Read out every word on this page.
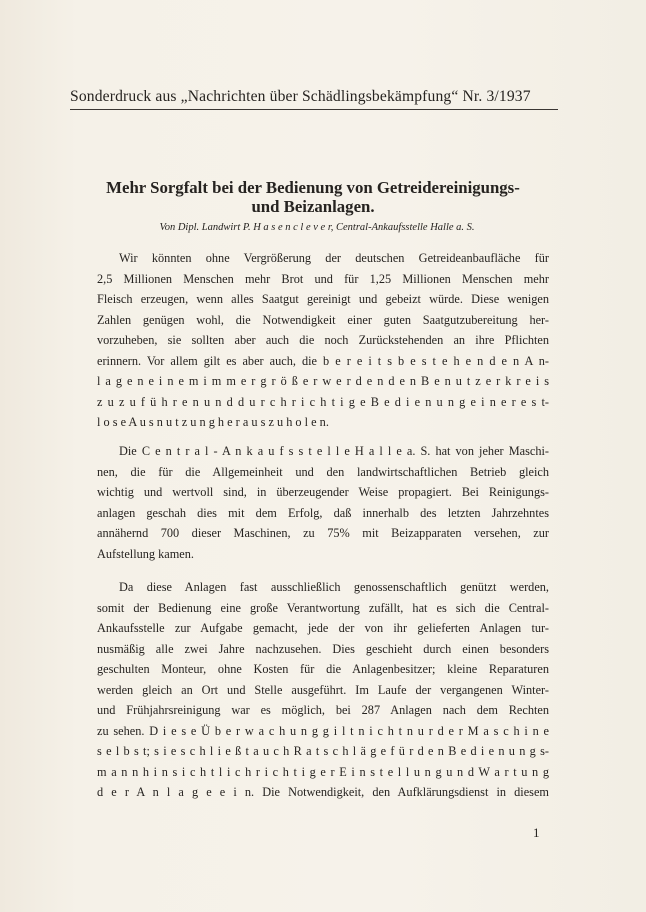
Sonderdruck aus „Nachrichten über Schädlingsbekämpfung“ Nr. 3/1937
Mehr Sorgfalt bei der Bedienung von Getreidereinigungs-
und Beizanlagen.
Von Dipl. Landwirt P. H a s e n c l e v e r, Central-Ankaufsstelle Halle a. S.
Wir könnten ohne Vergrößerung der deutschen Getreideanbaufläche für
2,5 Millionen Menschen mehr Brot und für 1,25 Millionen Menschen mehr
Fleisch erzeugen, wenn alles Saatgut gereinigt und gebeizt würde. Diese wenigen
Zahlen genügen wohl, die Notwendigkeit einer guten Saatgutzubereitung her-
vorzuheben, sie sollten aber auch die noch Zurückstehenden an ihre Pflichten
erinnern. Vor allem gilt es aber auch, die b e r e i t s b e s t e h e n d e n A n-
l a g e n e i n e m i m m e r g r ö ß e r w e r d e n d e n B e n u t z e r k r e i s
z u z u f ü h r e n u n d d u r c h r i c h t i g e B e d i e n u n g e i n e r e s t-
l o s e A u s n u t z u n g h e r a u s z u h o l e n.
Die C e n t r a l - A n k a u f s s t e l l e H a l l e a. S. hat von jeher Maschi-
nen, die für die Allgemeinheit und den landwirtschaftlichen Betrieb gleich
wichtig und wertvoll sind, in überzeugender Weise propagiert. Bei Reinigungs-
anlagen geschah dies mit dem Erfolg, daß innerhalb des letzten Jahrzehntes
annähernd 700 dieser Maschinen, zu 75% mit Beizapparaten versehen, zur
Aufstellung kamen.
Da diese Anlagen fast ausschließlich genossenschaftlich genützt werden,
somit der Bedienung eine große Verantwortung zufällt, hat es sich die Central-
Ankaufsstelle zur Aufgabe gemacht, jede der von ihr gelieferten Anlagen tur-
nusmäßig alle zwei Jahre nachzusehen. Dies geschieht durch einen besonders
geschulten Monteur, ohne Kosten für die Anlagenbesitzer; kleine Reparaturen
werden gleich an Ort und Stelle ausgeführt. Im Laufe der vergangenen Winter-
und Frühjahrsreinigung war es möglich, bei 287 Anlagen nach dem Rechten
zu sehen. D i e s e Ü b e r w a c h u n g g i l t n i c h t n u r d e r M a s c h i n e
s e l b s t; s i e s c h l i e ß t a u c h R a t s c h l ä g e f ü r d e n B e d i e n u n g s-
m a n n h i n s i c h t l i c h r i c h t i g e r E i n s t e l l u n g u n d W a r t u n g
d e r A n l a g e e i n. Die Notwendigkeit, den Aufklärungsdienst in diesem
1
